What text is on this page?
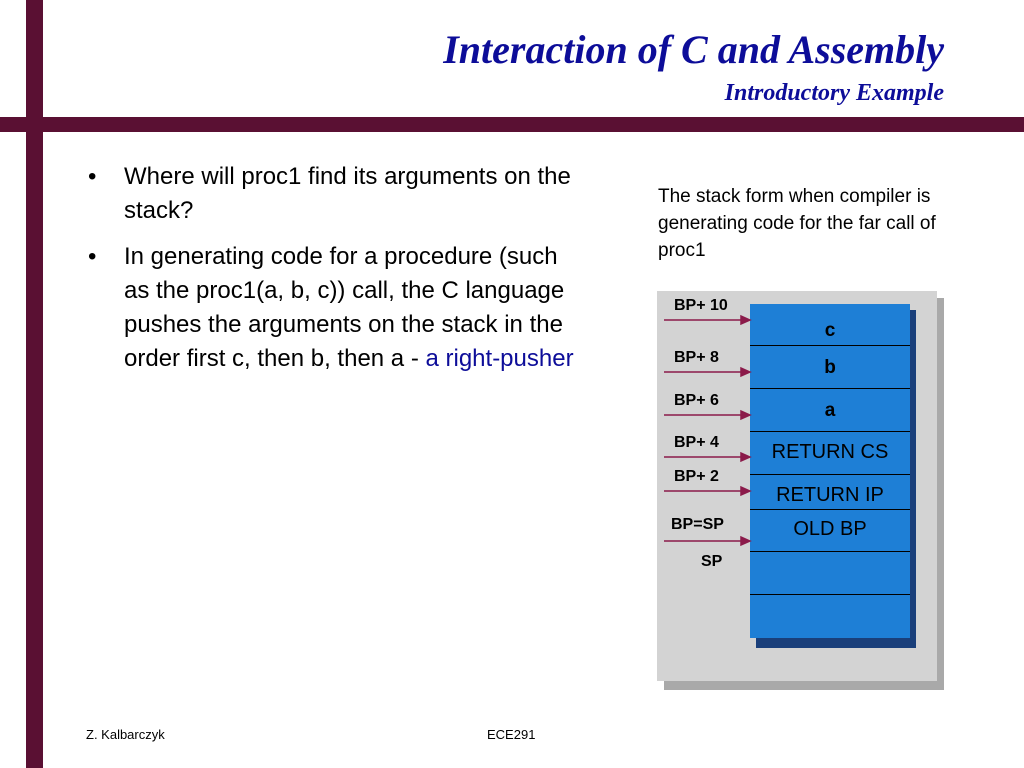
Interaction of C and Assembly
Introductory Example
• Where will proc1 find its arguments on the stack?
• In generating code for a procedure (such as the proc1(a, b, c)) call, the C language pushes the arguments on the stack in the order first c, then b, then a - a right-pusher
The stack form when compiler is generating code for the far call of proc1
c
b
a
RETURN CS
RETURN IP
OLD BP
BP+ 10
BP+ 8
BP+ 6
BP+ 4
BP+ 2
BP=SP
SP
Z. Kalbarczyk	ECE291
